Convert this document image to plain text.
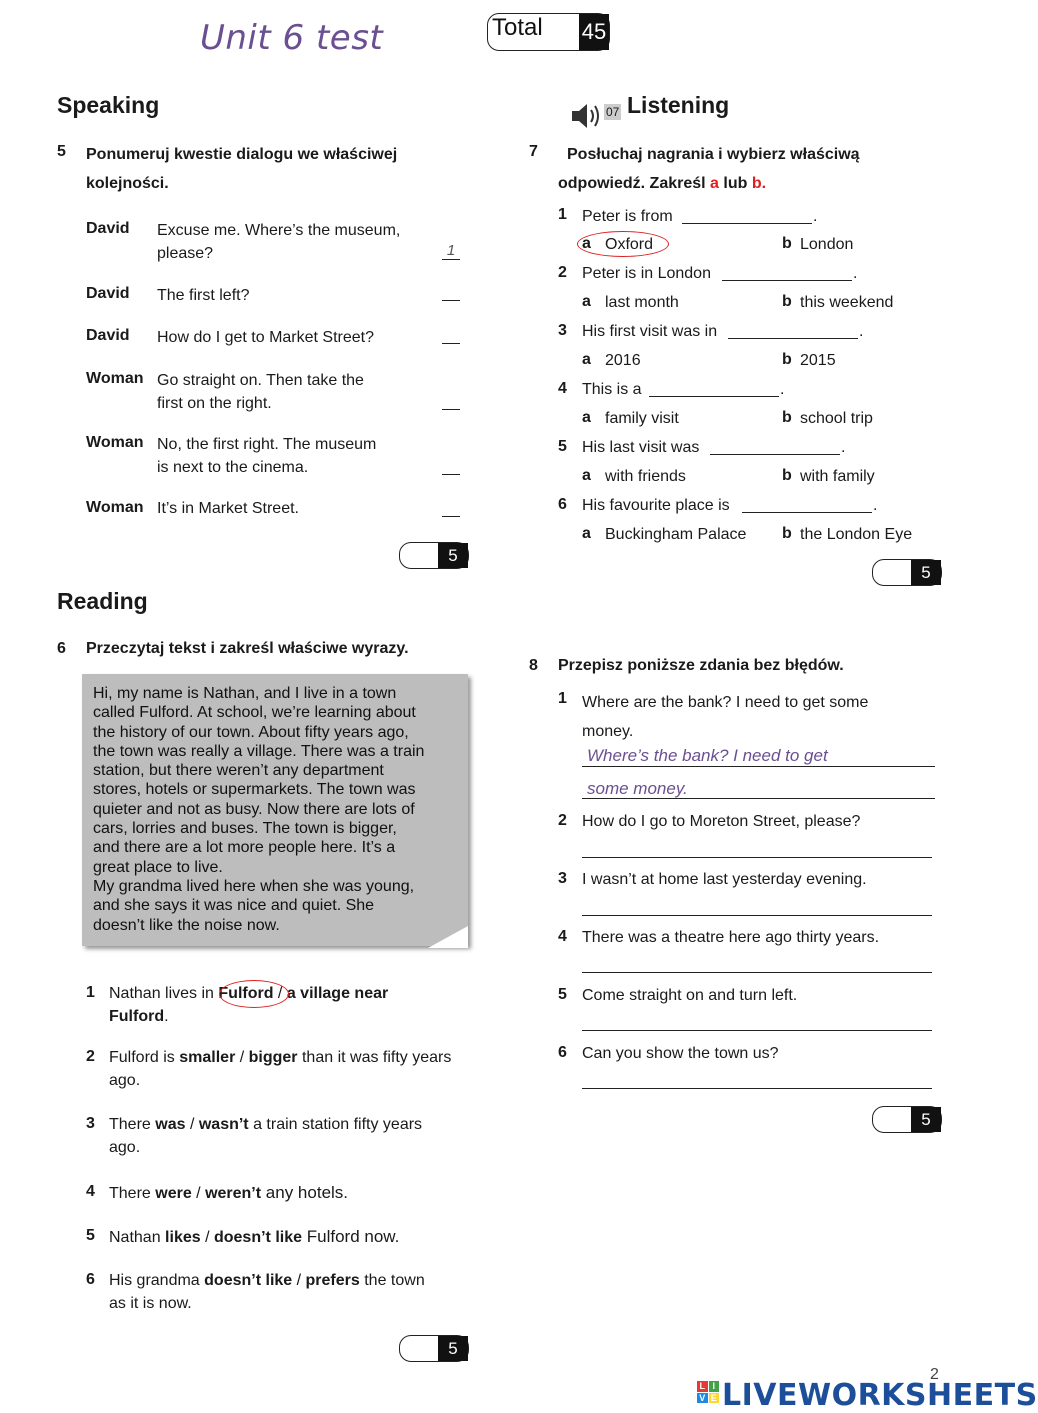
Unit 6 test	Total 45
Speaking
5 Ponumeruj kwestie dialogu we właściwej
kolejności.
David Excuse me. Where’s the museum,
please?	1
David The first left?
David How do I get to Market Street?
Woman Go straight on. Then take the
first on the right.
Woman No, the first right. The museum
is next to the cinema.
Woman It’s in Market Street.
5
07 Listening
7 Posłuchaj nagrania i wybierz właściwą
odpowiedź. Zakreśl a lub b.
1 Peter is from	.
a Oxford	b London
2 Peter is in London	.
a last month	b this weekend
3 His first visit was in	.
a 2016	b 2015
4 This is a	.
a family visit	b school trip
5 His last visit was	.
a with friends	b with family
6 His favourite place is	.
a Buckingham Palace b the London Eye
5
Reading
6 Przeczytaj tekst i zakreśl właściwe wyrazy.
Hi, my name is Nathan, and I live in a town
called Fulford. At school, we’re learning about
the history of our town. About fifty years ago,
the town was really a village. There was a train
station, but there weren’t any department
stores, hotels or supermarkets. The town was
quieter and not as busy. Now there are lots of
cars, lorries and buses. The town is bigger,
and there are a lot more people here. It’s a
great place to live.
My grandma lived here when she was young,
and she says it was nice and quiet. She
doesn’t like the noise now.
1 Nathan lives in Fulford / a village near
Fulford.
2 Fulford is smaller / bigger than it was fifty years
ago.
3 There was / wasn’t a train station fifty years
ago.
4 There were / weren’t any hotels.
5 Nathan likes / doesn’t like Fulford now.
6 His grandma doesn’t like / prefers the town
as it is now.
5
8 Przepisz poniższe zdania bez błędów.
1 Where are the bank? I need to get some
money.
Where’s the bank? I need to get
some money.
2 How do I go to Moreton Street, please?
3 I wasn’t at home last yesterday evening.
4 There was a theatre here ago thirty years.
5 Come straight on and turn left.
6 Can you show the town us?
5
2
L I
V E LIVEWORKSHEETS
